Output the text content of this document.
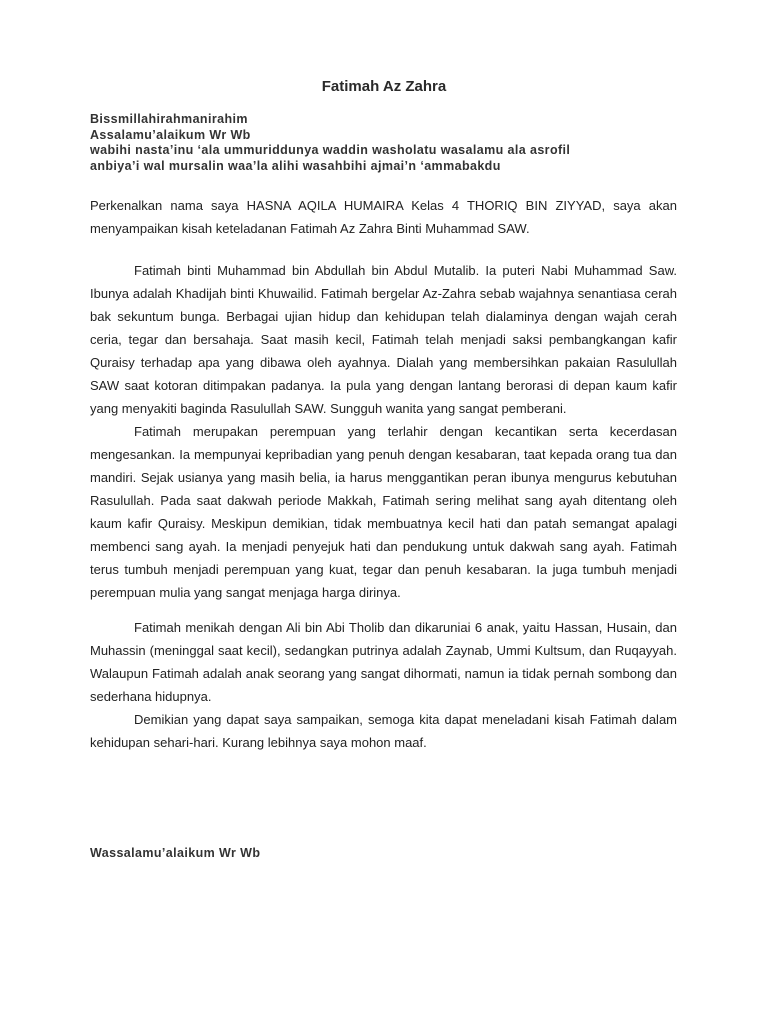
Fatimah Az Zahra
Bissmillahirahmanirahim
Assalamu’alaikum Wr Wb
wabihi nasta’inu ‘ala ummuriddunya waddin washolatu wasalamu ala asrofil
anbiya’i wal mursalin waa’la alihi wasahbihi ajmai’n ‘ammabakdu

Perkenalkan nama saya HASNA AQILA HUMAIRA Kelas 4 THORIQ BIN ZIYYAD, saya akan menyampaikan kisah keteladanan Fatimah Az Zahra Binti Muhammad SAW.

Fatimah binti Muhammad bin Abdullah bin Abdul Mutalib. Ia puteri Nabi Muhammad Saw. Ibunya adalah Khadijah binti Khuwailid. Fatimah bergelar Az-Zahra sebab wajahnya senantiasa cerah bak sekuntum bunga. Berbagai ujian hidup dan kehidupan telah dialaminya dengan wajah cerah ceria, tegar dan bersahaja. Saat masih kecil, Fatimah telah menjadi saksi pembangkangan kafir Quraisy terhadap apa yang dibawa oleh ayahnya. Dialah yang membersihkan pakaian Rasulullah SAW saat kotoran ditimpakan padanya. Ia pula yang dengan lantang berorasi di depan kaum kafir yang menyakiti baginda Rasulullah SAW. Sungguh wanita yang sangat pemberani.

Fatimah merupakan perempuan yang terlahir dengan kecantikan serta kecerdasan mengesankan. Ia mempunyai kepribadian yang penuh dengan kesabaran, taat kepada orang tua dan mandiri. Sejak usianya yang masih belia, ia harus menggantikan peran ibunya mengurus kebutuhan Rasulullah. Pada saat dakwah periode Makkah, Fatimah sering melihat sang ayah ditentang oleh kaum kafir Quraisy. Meskipun demikian, tidak membuatnya kecil hati dan patah semangat apalagi membenci sang ayah. Ia menjadi penyejuk hati dan pendukung untuk dakwah sang ayah. Fatimah terus tumbuh menjadi perempuan yang kuat, tegar dan penuh kesabaran. Ia juga tumbuh menjadi perempuan mulia yang sangat menjaga harga dirinya.

Fatimah menikah dengan Ali bin Abi Tholib dan dikaruniai 6 anak, yaitu Hassan, Husain, dan Muhassin (meninggal saat kecil), sedangkan putrinya adalah Zaynab, Ummi Kultsum, dan Ruqayyah. Walaupun Fatimah adalah anak seorang yang sangat dihormati, namun ia tidak pernah sombong dan sederhana hidupnya.

Demikian yang dapat saya sampaikan, semoga kita dapat meneladani kisah Fatimah dalam kehidupan sehari-hari. Kurang lebihnya saya mohon maaf.

Wassalamu’alaikum Wr Wb
